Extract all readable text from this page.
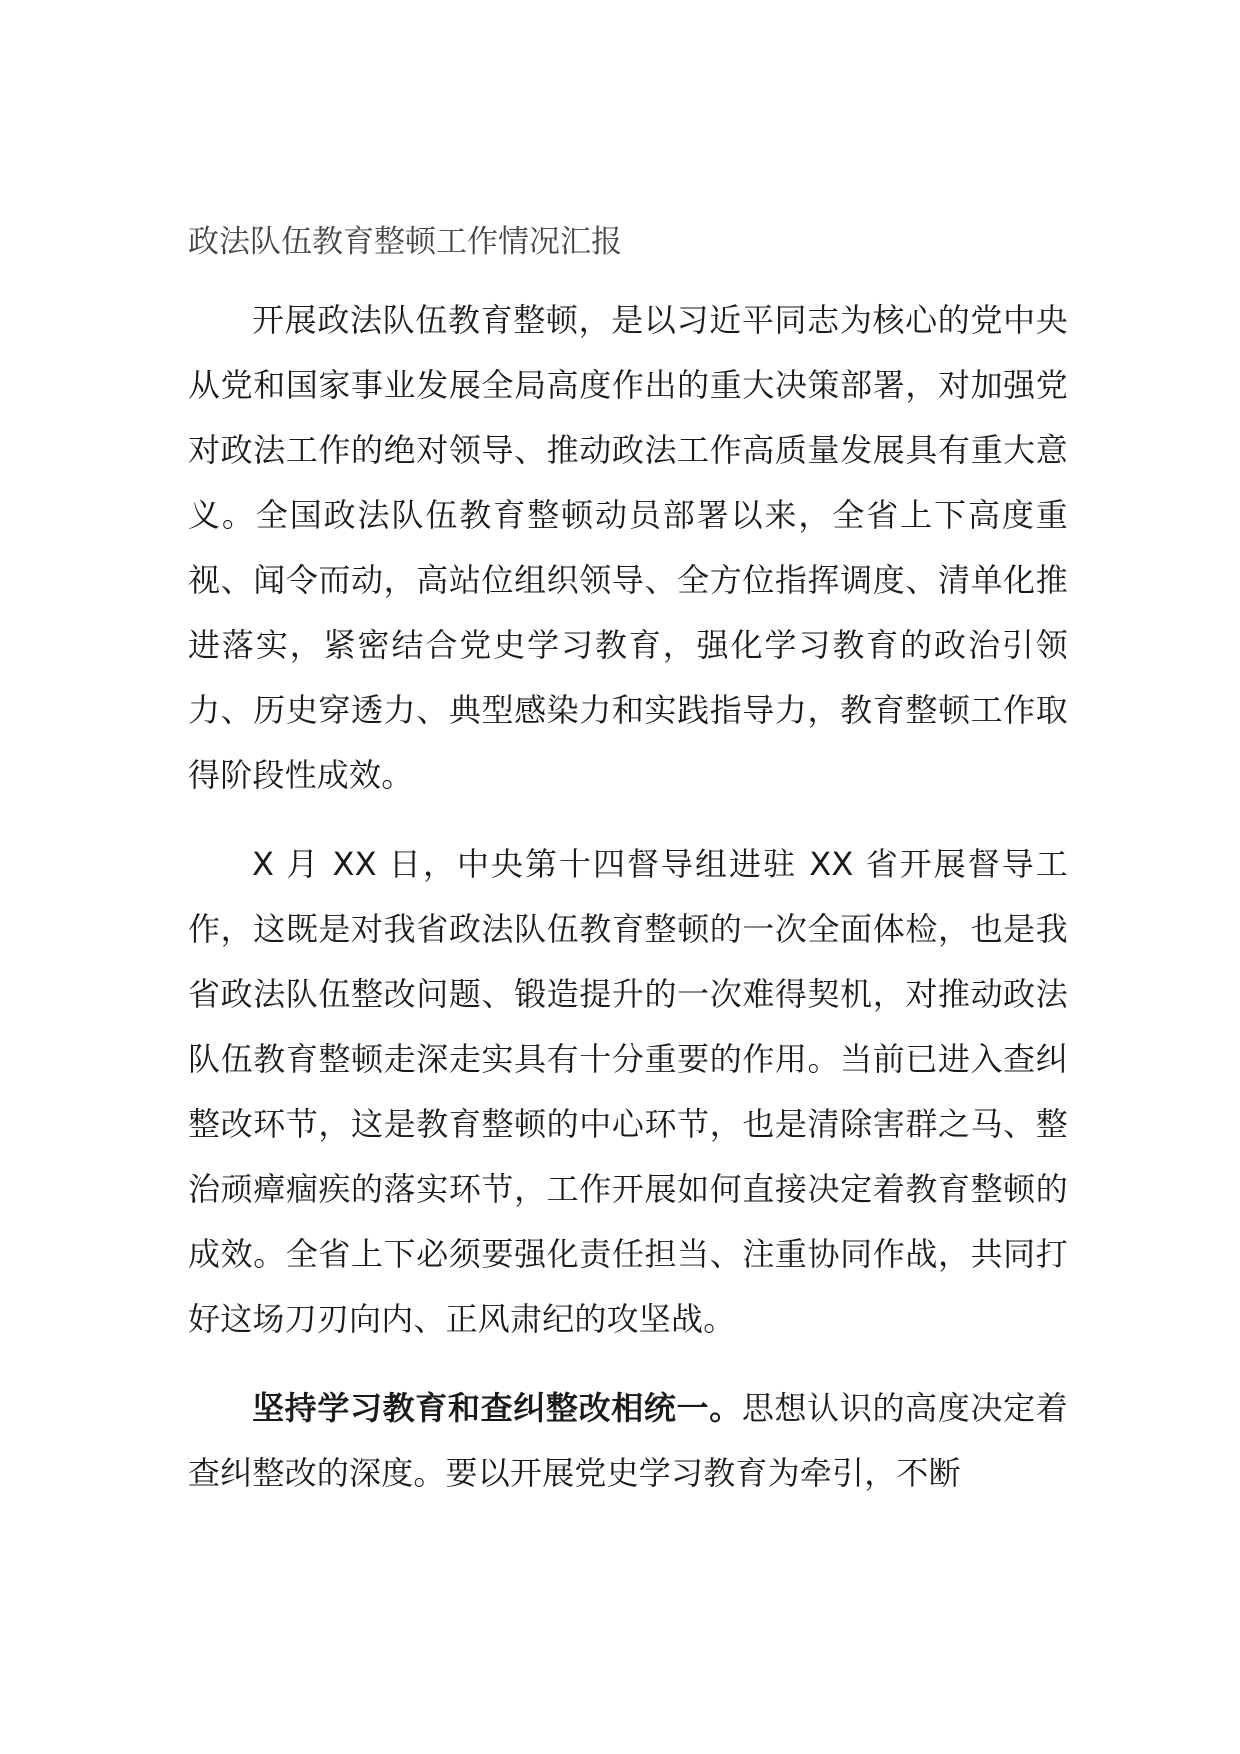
政法队伍教育整顿工作情况汇报

开展政法队伍教育整顿，是以习近平同志为核心的党中央从党和国家事业发展全局高度作出的重大决策部署，对加强党对政法工作的绝对领导、推动政法工作高质量发展具有重大意义。全国政法队伍教育整顿动员部署以来，全省上下高度重视、闻令而动，高站位组织领导、全方位指挥调度、清单化推进落实，紧密结合党史学习教育，强化学习教育的政治引领力、历史穿透力、典型感染力和实践指导力，教育整顿工作取得阶段性成效。

X 月 XX 日，中央第十四督导组进驻 XX 省开展督导工作，这既是对我省政法队伍教育整顿的一次全面体检，也是我省政法队伍整改问题、锻造提升的一次难得契机，对推动政法队伍教育整顿走深走实具有十分重要的作用。当前已进入查纠整改环节，这是教育整顿的中心环节，也是清除害群之马、整治顽瘴痼疾的落实环节，工作开展如何直接决定着教育整顿的成效。全省上下必须要强化责任担当、注重协同作战，共同打好这场刀刃向内、正风肃纪的攻坚战。

坚持学习教育和查纠整改相统一。思想认识的高度决定着查纠整改的深度。要以开展党史学习教育为牵引，不断
